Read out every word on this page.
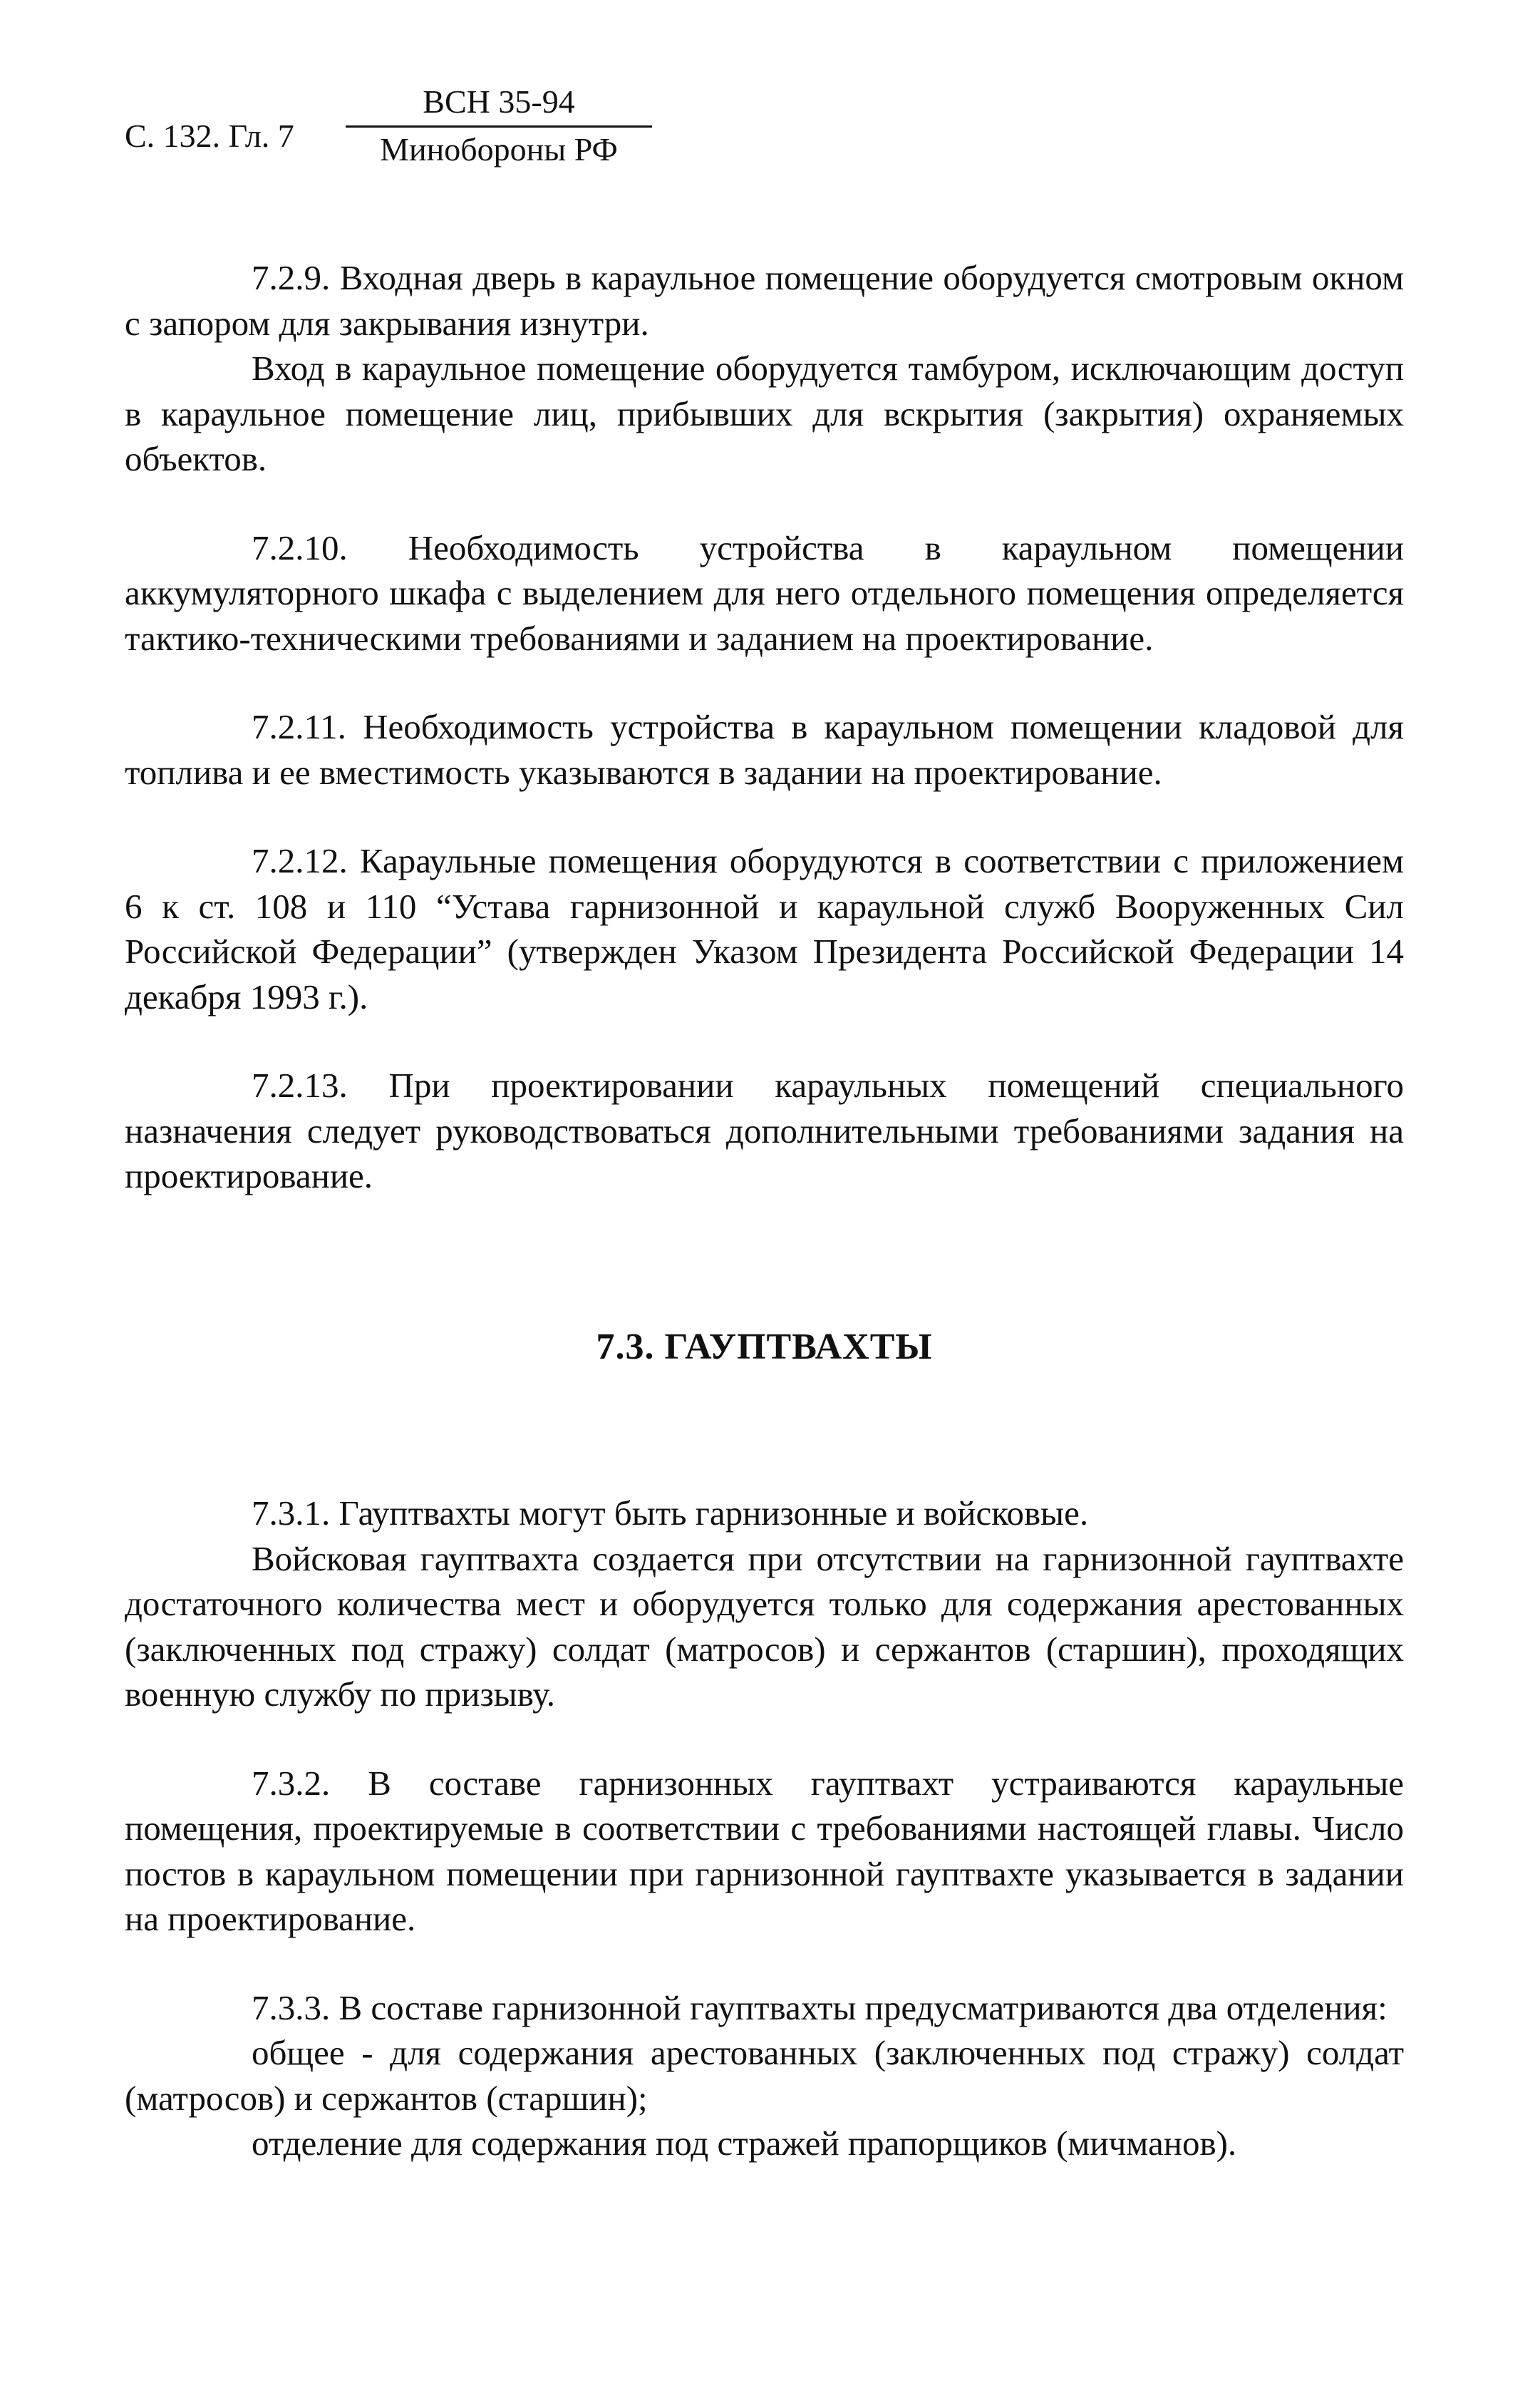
С. 132. Гл. 7
ВСН 35-94
Минобороны РФ

7.2.9. Входная дверь в караульное помещение оборудуется смотровым окном с запором для закрывания изнутри.

Вход в караульное помещение оборудуется тамбуром, исключающим доступ в караульное помещение лиц, прибывших для вскрытия (закрытия) охраняемых объектов.

7.2.10. Необходимость устройства в караульном помещении аккумуляторного шкафа с выделением для него отдельного помещения определяется тактико-техническими требованиями и заданием на проектирование.

7.2.11. Необходимость устройства в караульном помещении кладовой для топлива и ее вместимость указываются в задании на проектирование.

7.2.12. Караульные помещения оборудуются в соответствии с приложением 6 к ст. 108 и 110 “Устава гарнизонной и караульной служб Вооруженных Сил Российской Федерации” (утвержден Указом Президента Российской Федерации 14 декабря 1993 г.).

7.2.13. При проектировании караульных помещений специального назначения следует руководствоваться дополнительными требованиями задания на проектирование.

7.3. ГАУПТВАХТЫ

7.3.1. Гауптвахты могут быть гарнизонные и войсковые.

Войсковая гауптвахта создается при отсутствии на гарнизонной гауптвахте достаточного количества мест и оборудуется только для содержания арестованных (заключенных под стражу) солдат (матросов) и сержантов (старшин), проходящих военную службу по призыву.

7.3.2. В составе гарнизонных гауптвахт устраиваются караульные помещения, проектируемые в соответствии с требованиями настоящей главы. Число постов в караульном помещении при гарнизонной гауптвахте указывается в задании на проектирование.

7.3.3. В составе гарнизонной гауптвахты предусматриваются два отделения:

общее - для содержания арестованных (заключенных под стражу) солдат (матросов) и сержантов (старшин);

отделение для содержания под стражей прапорщиков (мичманов).
